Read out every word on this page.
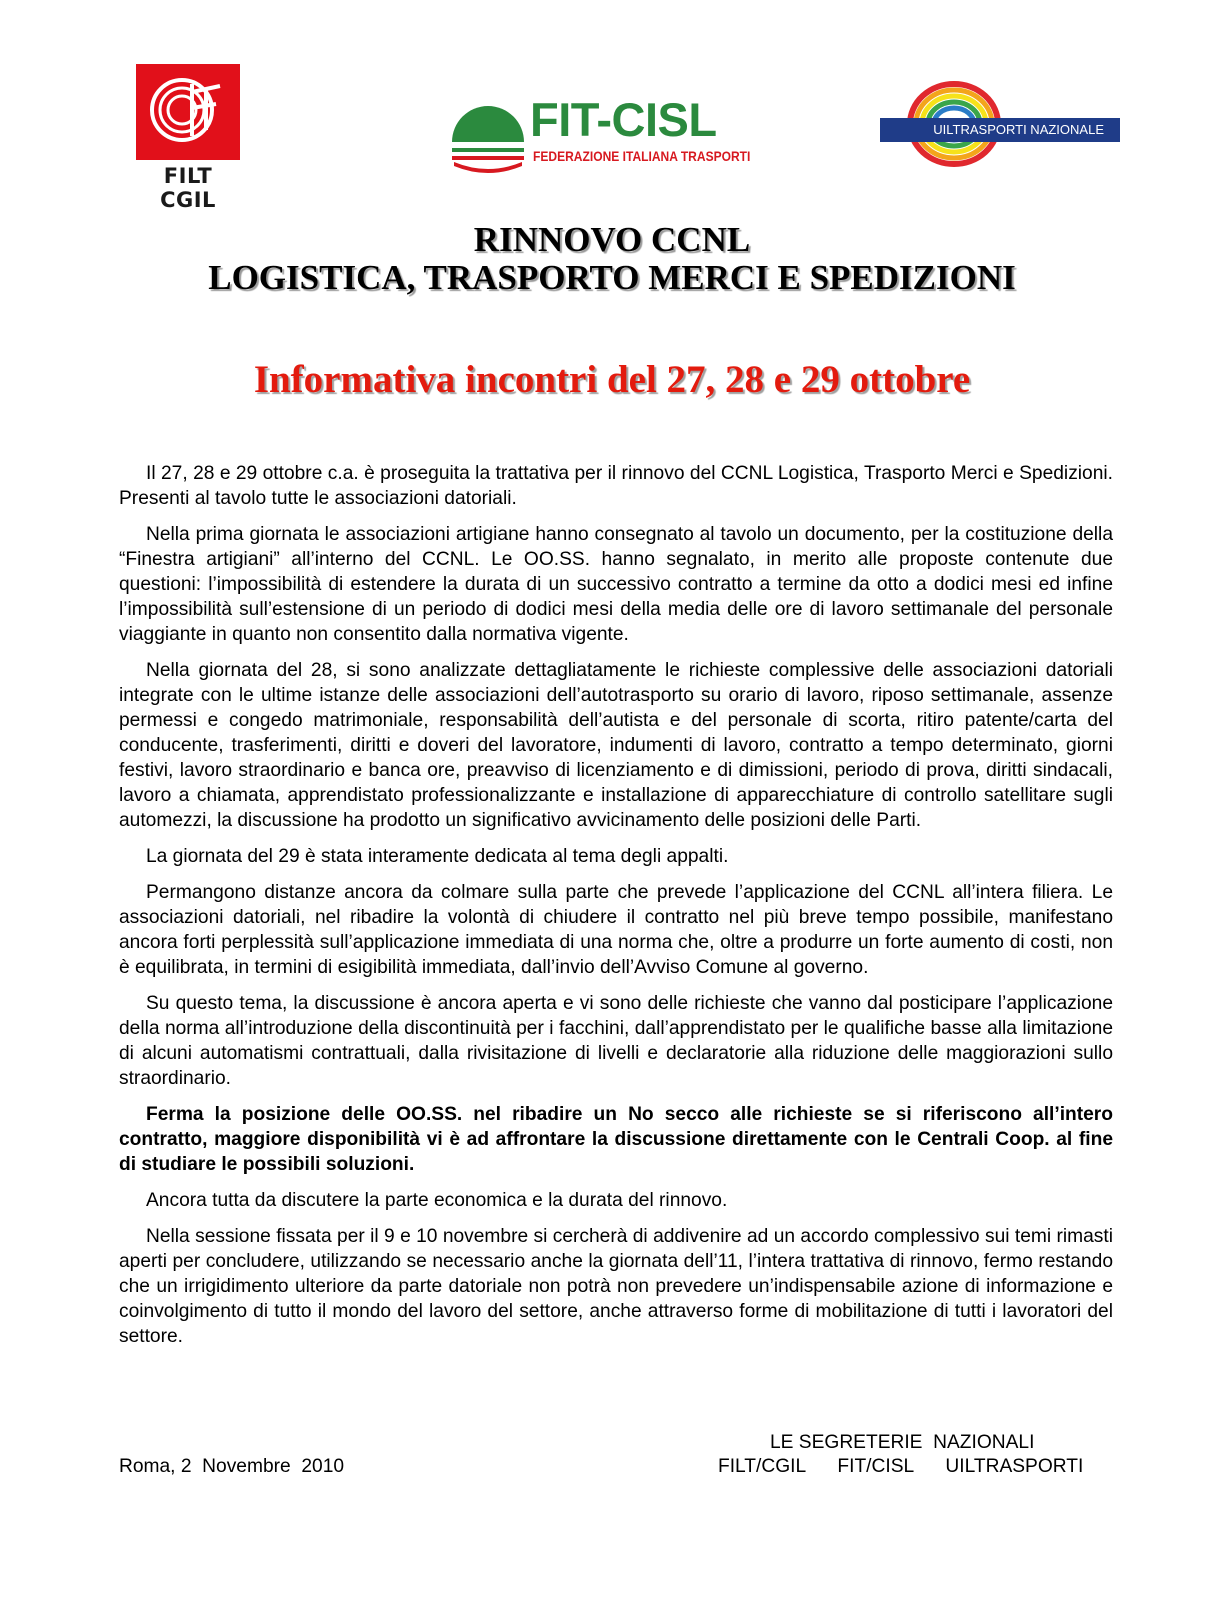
FILT CGIL
FIT-CISL
FEDERAZIONE ITALIANA TRASPORTI
UILTRASPORTI NAZIONALE
RINNOVO CCNL
LOGISTICA, TRASPORTO MERCI E SPEDIZIONI
Informativa incontri del 27, 28 e 29 ottobre

Il 27, 28 e 29 ottobre c.a. è proseguita la trattativa per il rinnovo del CCNL Logistica, Trasporto Merci e Spedizioni. Presenti al tavolo tutte le associazioni datoriali.

Nella prima giornata le associazioni artigiane hanno consegnato al tavolo un documento, per la costituzione della “Finestra artigiani” all’interno del CCNL. Le OO.SS. hanno segnalato, in merito alle proposte contenute due questioni: l’impossibilità di estendere la durata di un successivo contratto a termine da otto a dodici mesi ed infine l’impossibilità sull’estensione di un periodo di dodici mesi della media delle ore di lavoro settimanale del personale viaggiante in quanto non consentito dalla normativa vigente.

Nella giornata del 28, si sono analizzate dettagliatamente le richieste complessive delle associazioni datoriali integrate con le ultime istanze delle associazioni dell’autotrasporto su orario di lavoro, riposo settimanale, assenze permessi e congedo matrimoniale, responsabilità dell’autista e del personale di scorta, ritiro patente/carta del conducente, trasferimenti, diritti e doveri del lavoratore, indumenti di lavoro, contratto a tempo determinato, giorni festivi, lavoro straordinario e banca ore, preavviso di licenziamento e di dimissioni, periodo di prova, diritti sindacali, lavoro a chiamata, apprendistato professionalizzante e installazione di apparecchiature di controllo satellitare sugli automezzi, la discussione ha prodotto un significativo avvicinamento delle posizioni delle Parti.

La giornata del 29 è stata interamente dedicata al tema degli appalti.

Permangono distanze ancora da colmare sulla parte che prevede l’applicazione del CCNL all’intera filiera. Le associazioni datoriali, nel ribadire la volontà di chiudere il contratto nel più breve tempo possibile, manifestano ancora forti perplessità sull’applicazione immediata di una norma che, oltre a produrre un forte aumento di costi, non è equilibrata, in termini di esigibilità immediata, dall’invio dell’Avviso Comune al governo.

Su questo tema, la discussione è ancora aperta e vi sono delle richieste che vanno dal posticipare l’applicazione della norma all’introduzione della discontinuità per i facchini, dall’apprendistato per le qualifiche basse alla limitazione di alcuni automatismi contrattuali, dalla rivisitazione di livelli e declaratorie alla riduzione delle maggiorazioni sullo straordinario.

Ferma la posizione delle OO.SS. nel ribadire un No secco alle richieste se si riferiscono all’intero contratto, maggiore disponibilità vi è ad affrontare la discussione direttamente con le Centrali Coop. al fine di studiare le possibili soluzioni.

Ancora tutta da discutere la parte economica e la durata del rinnovo.

Nella sessione fissata per il 9 e 10 novembre si cercherà di addivenire ad un accordo complessivo sui temi rimasti aperti per concludere, utilizzando se necessario anche la giornata dell’11, l’intera trattativa di rinnovo, fermo restando che un irrigidimento ulteriore da parte datoriale non potrà non prevedere un’indispensabile azione di informazione e coinvolgimento di tutto il mondo del lavoro del settore, anche attraverso forme di mobilitazione di tutti i lavoratori del settore.

LE SEGRETERIE  NAZIONALI
FILT/CGIL      FIT/CISL      UILTRASPORTI
Roma, 2  Novembre  2010
